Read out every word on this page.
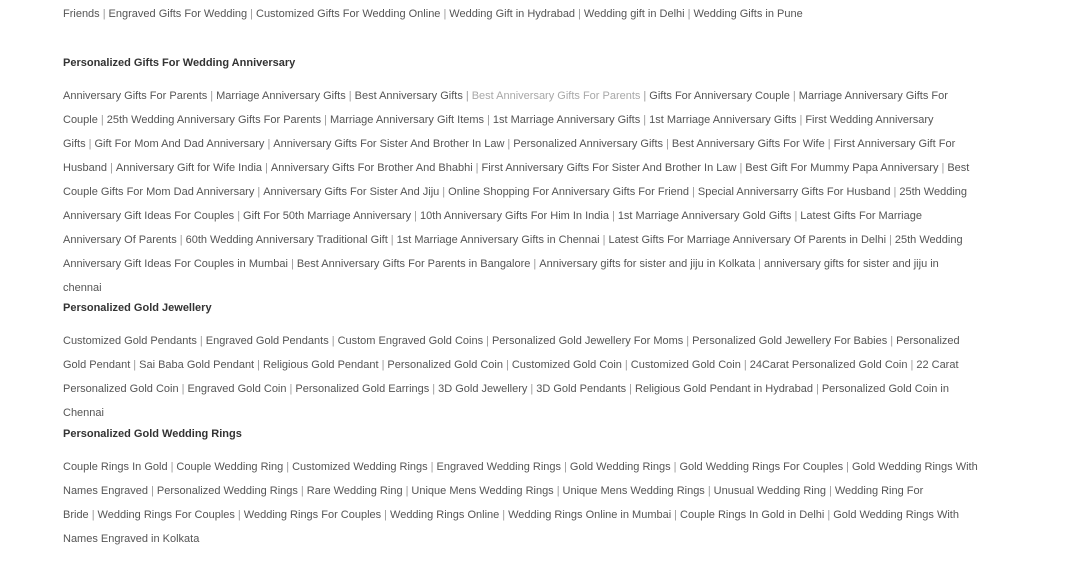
Friends | Engraved Gifts For Wedding | Customized Gifts For Wedding Online | Wedding Gift in Hydrabad | Wedding gift in Delhi | Wedding Gifts in Pune
Personalized Gifts For Wedding Anniversary
Anniversary Gifts For Parents | Marriage Anniversary Gifts | Best Anniversary Gifts | Best Anniversary Gifts For Parents | Gifts For Anniversary Couple | Marriage Anniversary Gifts For Couple | 25th Wedding Anniversary Gifts For Parents | Marriage Anniversary Gift Items | 1st Marriage Anniversary Gifts | 1st Marriage Anniversary Gifts | First Wedding Anniversary Gifts | Gift For Mom And Dad Anniversary | Anniversary Gifts For Sister And Brother In Law | Personalized Anniversary Gifts | Best Anniversary Gifts For Wife | First Anniversary Gift For Husband | Anniversary Gift for Wife India | Anniversary Gifts For Brother And Bhabhi | First Anniversary Gifts For Sister And Brother In Law | Best Gift For Mummy Papa Anniversary | Best Couple Gifts For Mom Dad Anniversary | Anniversary Gifts For Sister And Jiju | Online Shopping For Anniversary Gifts For Friend | Special Anniversarry Gifts For Husband | 25th Wedding Anniversary Gift Ideas For Couples | Gift For 50th Marriage Anniversary | 10th Anniversary Gifts For Him In India | 1st Marriage Anniversary Gold Gifts | Latest Gifts For Marriage Anniversary Of Parents | 60th Wedding Anniversary Traditional Gift | 1st Marriage Anniversary Gifts in Chennai | Latest Gifts For Marriage Anniversary Of Parents in Delhi | 25th Wedding Anniversary Gift Ideas For Couples in Mumbai | Best Anniversary Gifts For Parents in Bangalore | Anniversary gifts for sister and jiju in Kolkata | anniversary gifts for sister and jiju in chennai
Personalized Gold Jewellery
Customized Gold Pendants | Engraved Gold Pendants | Custom Engraved Gold Coins | Personalized Gold Jewellery For Moms | Personalized Gold Jewellery For Babies | Personalized Gold Pendant | Sai Baba Gold Pendant | Religious Gold Pendant | Personalized Gold Coin | Customized Gold Coin | Customized Gold Coin | 24Carat Personalized Gold Coin | 22 Carat Personalized Gold Coin | Engraved Gold Coin | Personalized Gold Earrings | 3D Gold Jewellery | 3D Gold Pendants | Religious Gold Pendant in Hydrabad | Personalized Gold Coin in Chennai
Personalized Gold Wedding Rings
Couple Rings In Gold | Couple Wedding Ring | Customized Wedding Rings | Engraved Wedding Rings | Gold Wedding Rings | Gold Wedding Rings For Couples | Gold Wedding Rings With Names Engraved | Personalized Wedding Rings | Rare Wedding Ring | Unique Mens Wedding Rings | Unique Mens Wedding Rings | Unusual Wedding Ring | Wedding Ring For Bride | Wedding Rings For Couples | Wedding Rings For Couples | Wedding Rings Online | Wedding Rings Online in Mumbai | Couple Rings In Gold in Delhi | Gold Wedding Rings With Names Engraved in Kolkata
